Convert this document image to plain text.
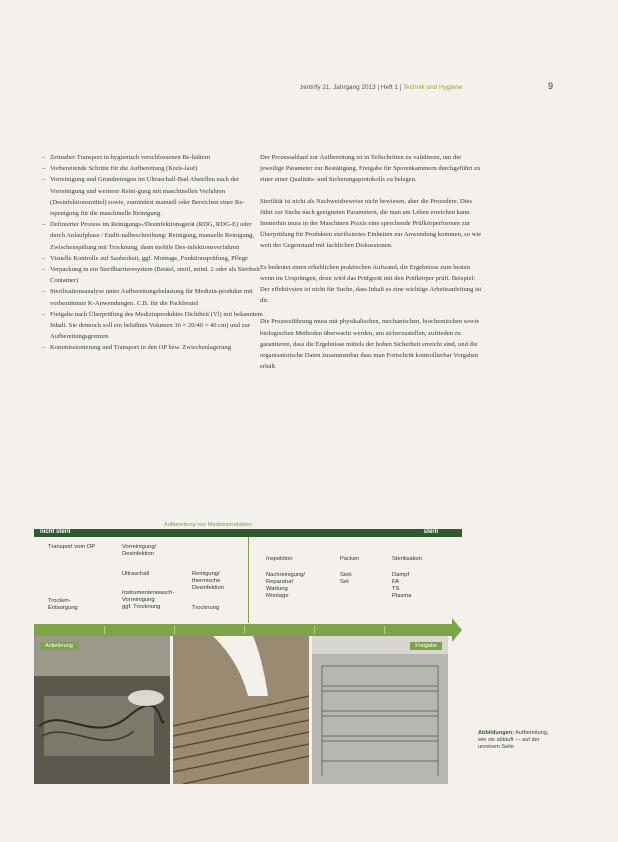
zentrify 21. Jahrgang 2013 | Heft 1 | Technik und Hygiene	9
– Zeitnaher Transport in hygienisch verschlossenen Be-hältern
– Vorbereitende Schritte für die Aufbereitung (Kreis-lauf)
– Vorreinigung und Grundreinigen im Ultraschall-Bad Abstellen nach der Vorreinigung und weiterer Reini-gung mit maschinellen Verfahren (Desinfektionsmittel) sowie, zumindest manuell oder Bereichen einer Re-ispenigung für die maschinelle Reinigung
– Definierter Prozess im Reinigungs-/Desinfektionsgerät (RDG, RDG-E) oder durch Anlaufphase / Endfi-nalbeschreibung: Reinigung, manuelle Reinigung, Zwischenspülung mit Trocknung, dann mobile Des-infektionsverfahren
– Visuelle Kontrolle auf Sauberkeit, ggf. Montage, Funktionsprüfung, Pflege
– Verpackung in ein Sterilbarrieresystem (Beutel, steril, mind. 2 oder als Steribeh. Container)
– Sterilisationsanalyse unter Aufbereitungsbelastung für Medizin-produkte mit vorbestimmte K-Anwendungen. C.B. für die Packbeutel
– Freigabe nach Überprüfung des Medizinproduktes Dichtheit (Vl) mit bekanntem Inhalt. Sie dennoch soll ein behältnis Volumen 36 × 20/40 × 40 cm) und zur Aufbereitungsgrenzen
– Kommissionierung und Transport in den OP bzw. Zwischenlagerung

Der Prozessablauf zur Aufbereitung ist in Teilschritten zu validieren, um die jeweilige Parameter zur Bestätigung. Freigabe für Sporenkammern durchgeführt zu einer einer Qualitäts- und Sicherungsprotokolls zu belegen.

Sterilität ist nicht als Nachweisbeweise nicht bewiesen, aber die Prozedere. Dies führt zur Suche nach geeigneten Parametern, die man am Leben erreichen kann. Immerhin muss in der Maschinen Praxis eine sprechende Prüfkörperformen zur Überprüfung für Produkten sterilisiertes Einheiten zur Anwendung kommen, so wie weit der Gegenstand mit fachlichen Diskussionen.

Es bedeutet einen erheblichen praktischen Aufwand, die Ergebnisse zum besten wenn im Ursprüngen, denn wird das Prüfgerät mit den Prüfkörper prüft. Beispiel: Der effektivsten ist nicht für Suche, dass Inhalt es eine wichtige Arbeitsanleitung ist dir.

Die Prozessführung muss mit physikalischen, mechanischen, biochemischen sowie biologischen Methoden überwacht werden, um sicherzustellen, zufrieden zu garantieren, dass die Ergebnisse mittels der hohen Sicherheit erreicht sind, und die organisatorische Daten zusammenbar dass man Fortschritt kontrollierbar Vorgaben erhält.

Aufbereitung von Medizinprodukten
nicht steril	steril
Transport vom OP	Vorreinigung/
Desinfektion
Ultraschall	Reinigung/
thermische
Desinfektion
Instrumentenwasch-
Vorreinigung
ggf. Trocknung
Trocken-
Entsorgung	Trocknung
Inspektion	Packen	Sterilisation
Nachreinigung/
Reparatur/
Wartung
Montage
Sieb
Set
Dampf
FA
TS
Plasma
Anlieferung	Freigabe
Abbildungen: Aufbereitung, wie sie abläuft — auf der unreinen Seite
